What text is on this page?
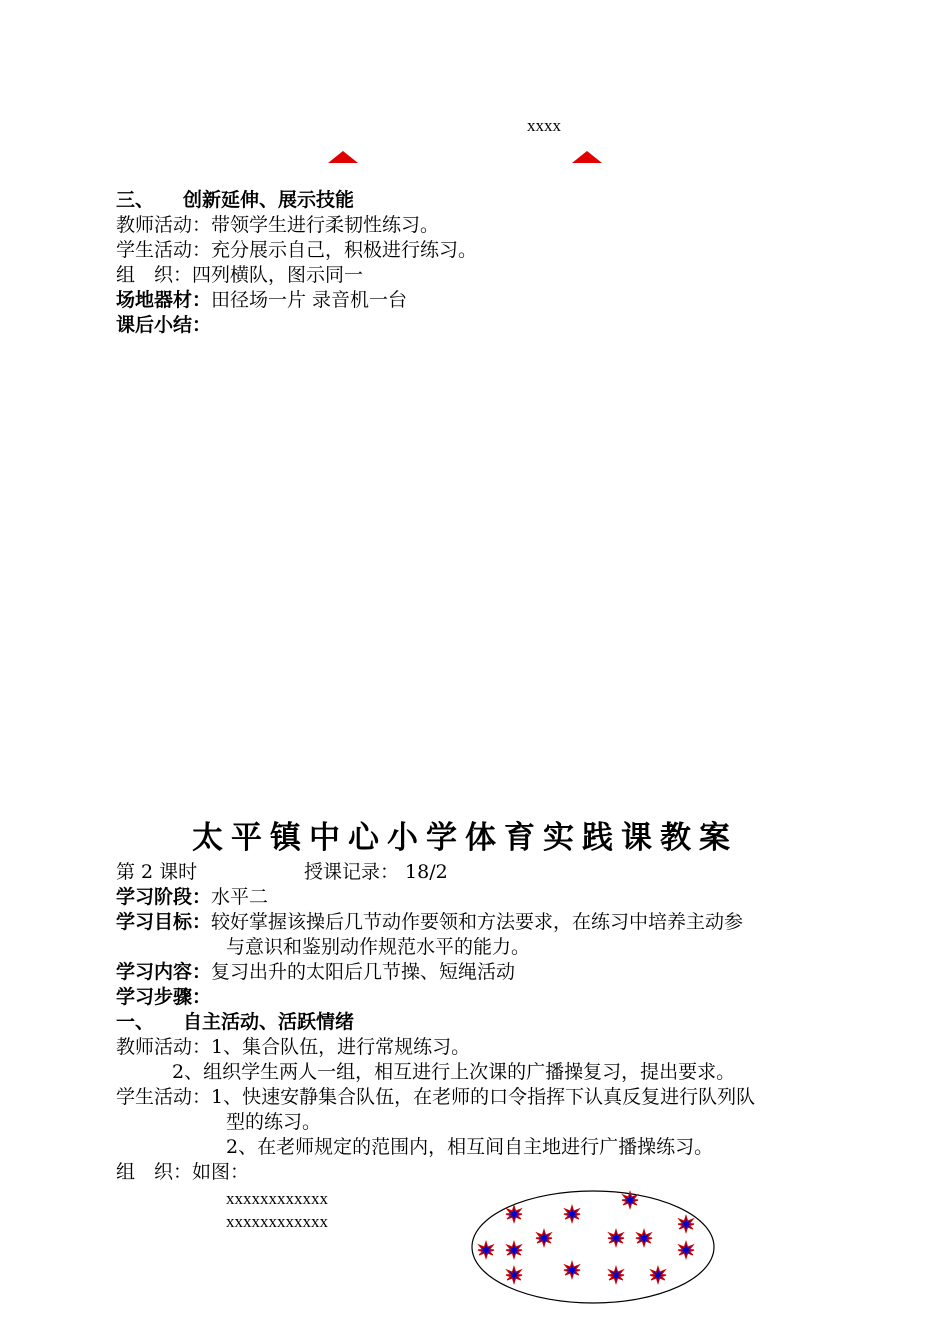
xxxx
三、 创新延伸、展示技能
教师活动：带领学生进行柔韧性练习。
学生活动：充分展示自己，积极进行练习。
组　织：四列横队，图示同一
场地器材：田径场一片 录音机一台
课后小结：
太平镇中心小学体育实践课教案
第 2 课时	授课记录： 18/2
学习阶段：水平二
学习目标：较好掌握该操后几节动作要领和方法要求，在练习中培养主动参
与意识和鉴别动作规范水平的能力。
学习内容：复习出升的太阳后几节操、短绳活动
学习步骤：
一、 自主活动、活跃情绪
教师活动：1、集合队伍，进行常规练习。
2、组织学生两人一组，相互进行上次课的广播操复习，提出要求。
学生活动：1、快速安静集合队伍，在老师的口令指挥下认真反复进行队列队
型的练习。
2、在老师规定的范围内，相互间自主地进行广播操练习。
组　织：如图：
xxxxxxxxxxxx
xxxxxxxxxxxx
